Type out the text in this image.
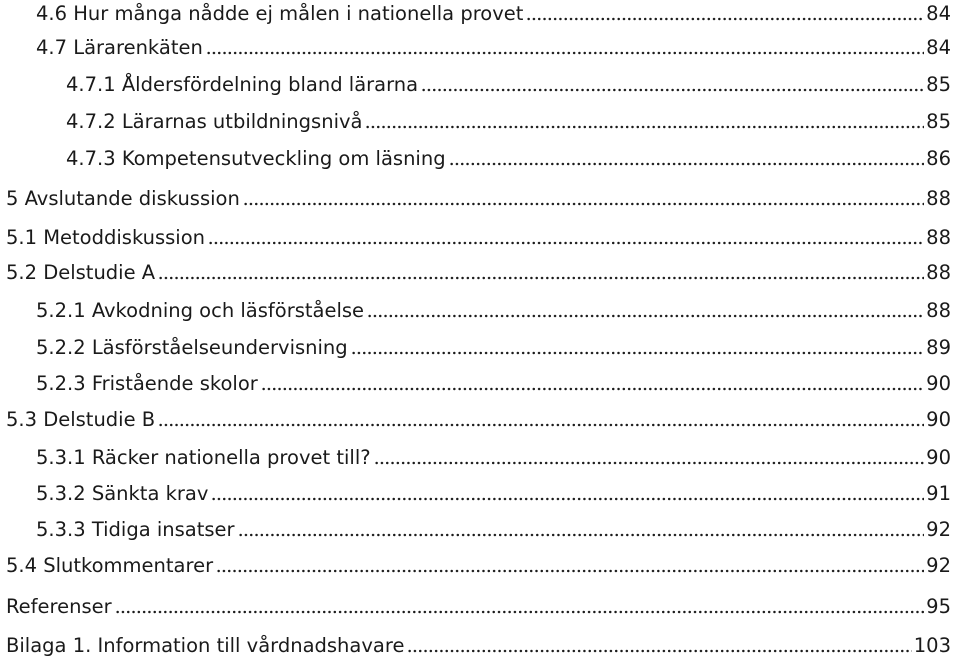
4.6 Hur många nådde ej målen i nationella provet	84
4.7 Lärarenkäten	84
4.7.1 Åldersfördelning bland lärarna	85
4.7.2 Lärarnas utbildningsnivå	85
4.7.3 Kompetensutveckling om läsning	86
5 Avslutande diskussion	88
5.1 Metoddiskussion	88
5.2 Delstudie A	88
5.2.1 Avkodning och läsförståelse	88
5.2.2 Läsförståelseundervisning	89
5.2.3 Fristående skolor	90
5.3 Delstudie B	90
5.3.1 Räcker nationella provet till?	90
5.3.2 Sänkta krav	91
5.3.3 Tidiga insatser	92
5.4 Slutkommentarer	92
Referenser	95
Bilaga 1. Information till vårdnadshavare	103
